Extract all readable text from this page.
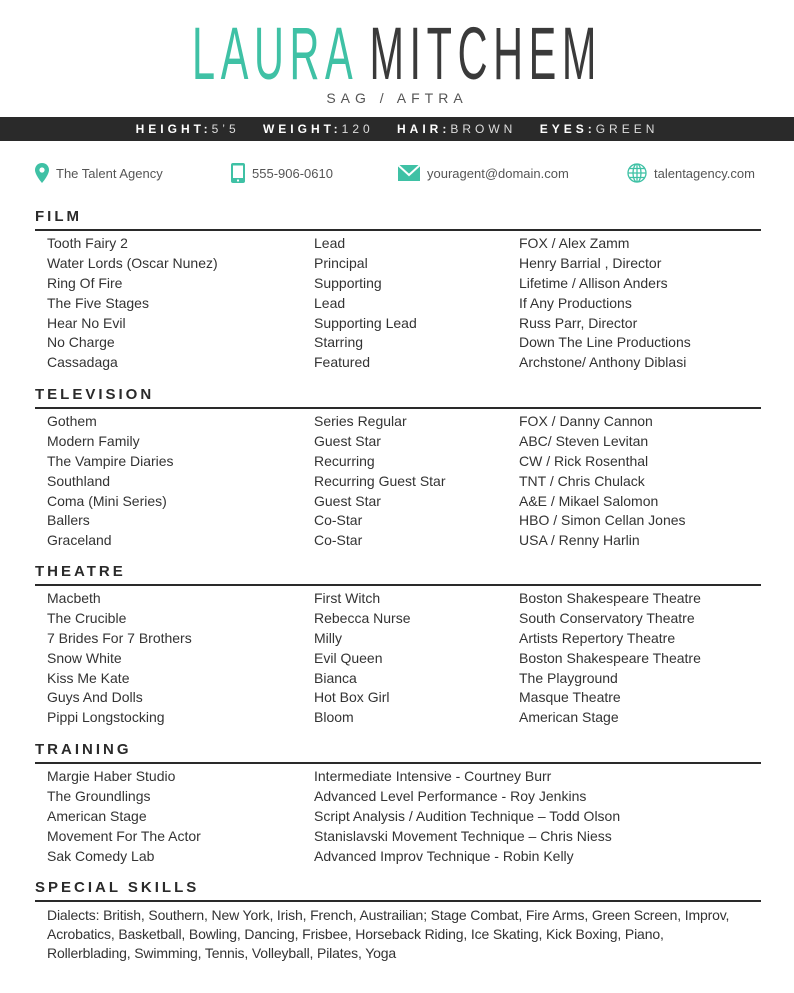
LAURA MITCHEM
SAG / AFTRA
HEIGHT:5’5 WEIGHT:120 HAIR:BROWN EYES:GREEN
The Talent Agency	555-906-0610	youragent@domain.com	talentagency.com
FILM
Tooth Fairy 2	Lead	FOX / Alex Zamm
Water Lords (Oscar Nunez)	Principal	Henry Barrial , Director
Ring Of Fire	Supporting	Lifetime / Allison Anders
The Five Stages	Lead	If Any Productions
Hear No Evil	Supporting Lead	Russ Parr, Director
No Charge	Starring	Down The Line Productions
Cassadaga	Featured	Archstone/ Anthony Diblasi
TELEVISION
Gothem	Series Regular	FOX / Danny Cannon
Modern Family	Guest Star	ABC/ Steven Levitan
The Vampire Diaries	Recurring	CW / Rick Rosenthal
Southland	Recurring Guest Star	TNT / Chris Chulack
Coma (Mini Series)	Guest Star	A&E / Mikael Salomon
Ballers	Co-Star	HBO / Simon Cellan Jones
Graceland	Co-Star	USA / Renny Harlin
THEATRE
Macbeth	First Witch	Boston Shakespeare Theatre
The Crucible	Rebecca Nurse	South Conservatory Theatre
7 Brides For 7 Brothers	Milly	Artists Repertory Theatre
Snow White	Evil Queen	Boston Shakespeare Theatre
Kiss Me Kate	Bianca	The Playground
Guys And Dolls	Hot Box Girl	Masque Theatre
Pippi Longstocking	Bloom	American Stage
TRAINING
Margie Haber Studio	Intermediate Intensive - Courtney Burr
The Groundlings	Advanced Level Performance - Roy Jenkins
American Stage	Script Analysis / Audition Technique – Todd Olson
Movement For The Actor	Stanislavski Movement Technique – Chris Niess
Sak Comedy Lab	Advanced Improv Technique - Robin Kelly
SPECIAL SKILLS
Dialects: British, Southern, New York, Irish, French, Austrailian; Stage Combat, Fire Arms, Green Screen, Improv, Acrobatics, Basketball, Bowling, Dancing, Frisbee, Horseback Riding, Ice Skating, Kick Boxing, Piano, Rollerblading, Swimming, Tennis, Volleyball, Pilates, Yoga
